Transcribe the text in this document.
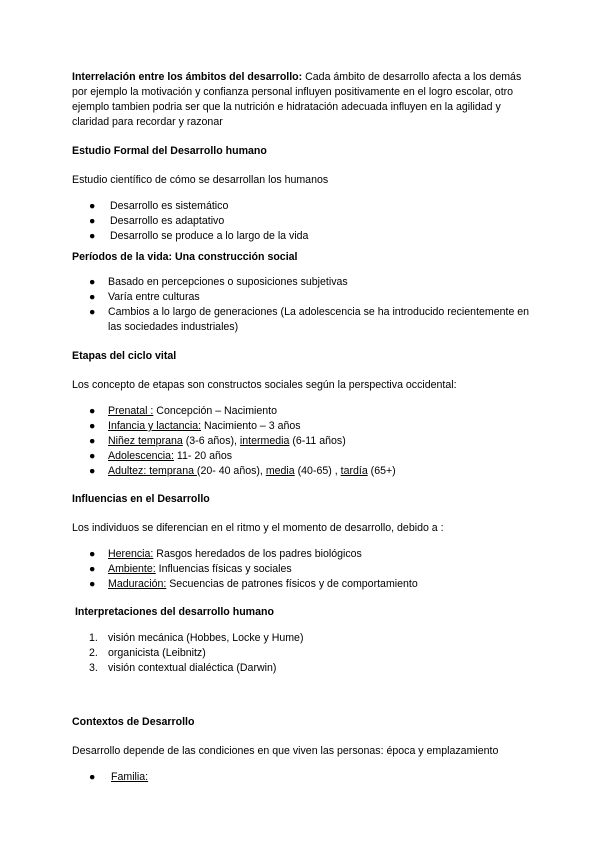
Interrelación entre los ámbitos del desarrollo: Cada ámbito de desarrollo afecta a los demás por ejemplo la motivación y confianza personal influyen positivamente en el logro escolar, otro ejemplo tambien podria ser que la nutrición e hidratación adecuada influyen en la agilidad y claridad para recordar y razonar

Estudio Formal del Desarrollo humano

Estudio científico de cómo se desarrollan los humanos

● Desarrollo es sistemático
● Desarrollo es adaptativo
● Desarrollo se produce a lo largo de la vida

Períodos de la vida: Una construcción social

● Basado en percepciones o suposiciones subjetivas
● Varía entre culturas
● Cambios a lo largo de generaciones (La adolescencia se ha introducido recientemente en las sociedades industriales)

Etapas del ciclo vital

Los concepto de etapas son constructos sociales según la perspectiva occidental:

● Prenatal : Concepción – Nacimiento
● Infancia y lactancia: Nacimiento – 3 años
● Niñez temprana (3-6 años), intermedia (6-11 años)
● Adolescencia: 11- 20 años
● Adultez: temprana (20- 40 años), media (40-65) , tardía (65+)

Influencias en el Desarrollo

Los individuos se diferencian en el ritmo y el momento de desarrollo, debido a :

● Herencia: Rasgos heredados de los padres biológicos
● Ambiente: Influencias físicas y sociales
● Maduración: Secuencias de patrones físicos y de comportamiento

Interpretaciones del desarrollo humano

1. visión mecánica (Hobbes, Locke y Hume)
2. organicista (Leibnitz)
3. visión contextual dialéctica (Darwin)

Contextos de Desarrollo

Desarrollo depende de las condiciones en que viven las personas: época y emplazamiento

● Familia:
